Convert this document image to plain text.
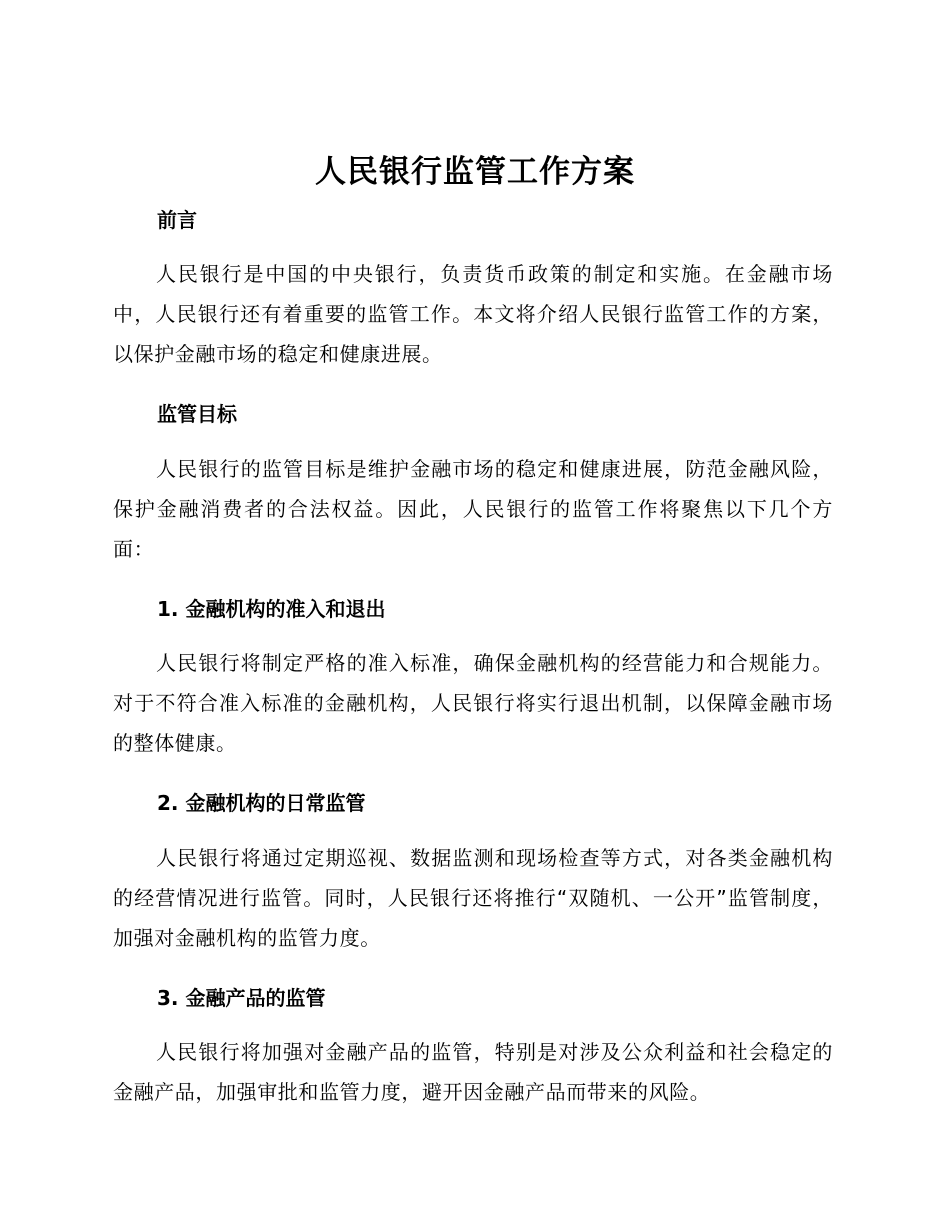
人民银行监管工作方案
前言
人民银行是中国的中央银行，负责货币政策的制定和实施。在金融市场中，人民银行还有着重要的监管工作。本文将介绍人民银行监管工作的方案，以保护金融市场的稳定和健康进展。
监管目标
人民银行的监管目标是维护金融市场的稳定和健康进展，防范金融风险，保护金融消费者的合法权益。因此，人民银行的监管工作将聚焦以下几个方面：
1. 金融机构的准入和退出
人民银行将制定严格的准入标准，确保金融机构的经营能力和合规能力。对于不符合准入标准的金融机构，人民银行将实行退出机制，以保障金融市场的整体健康。
2. 金融机构的日常监管
人民银行将通过定期巡视、数据监测和现场检查等方式，对各类金融机构的经营情况进行监管。同时，人民银行还将推行“双随机、一公开”监管制度，加强对金融机构的监管力度。
3. 金融产品的监管
人民银行将加强对金融产品的监管，特别是对涉及公众利益和社会稳定的金融产品，加强审批和监管力度，避开因金融产品而带来的风险。
